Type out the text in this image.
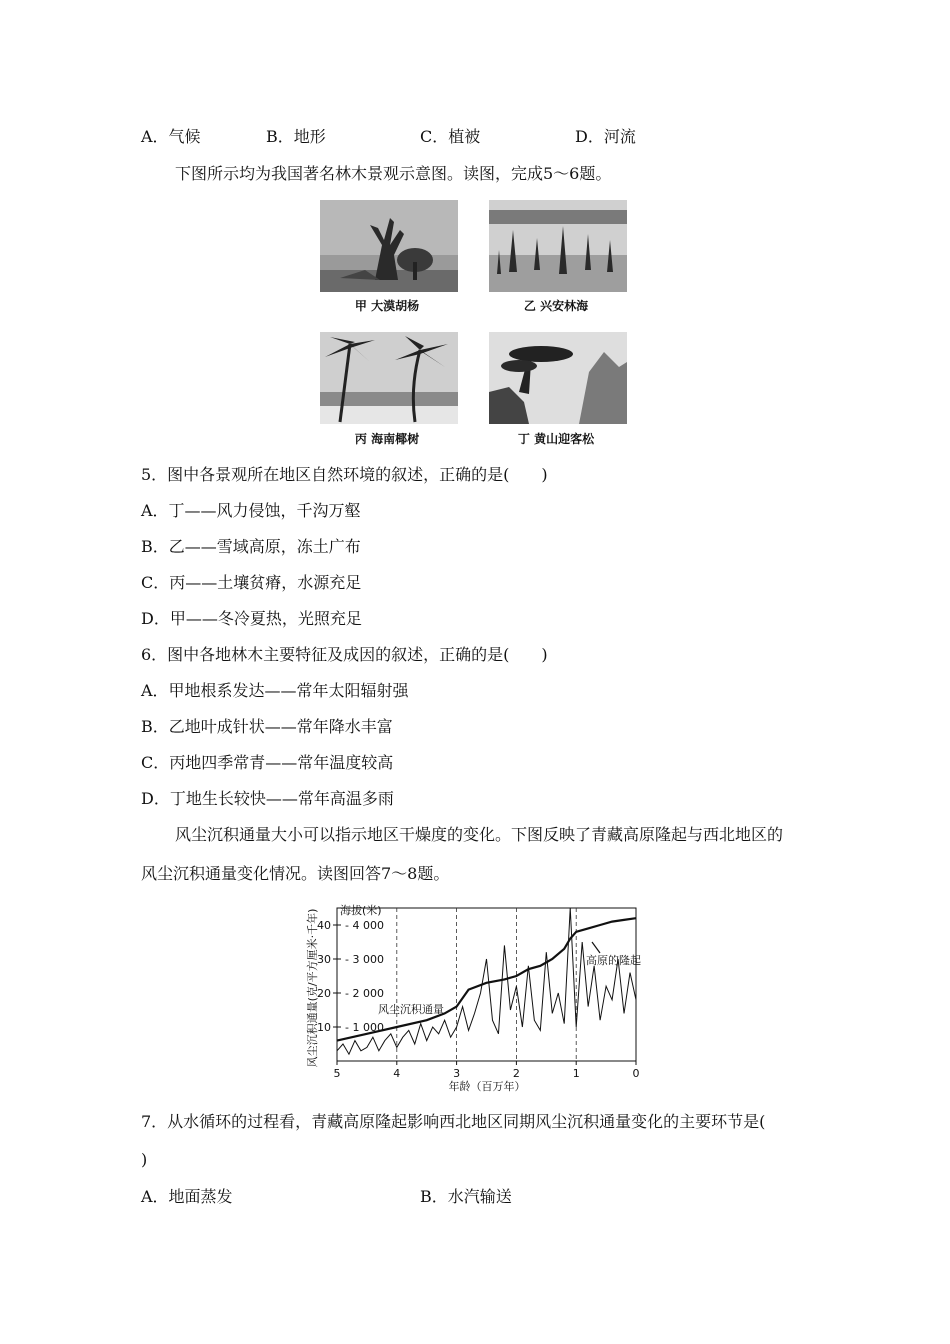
A．气候	B．地形	C．植被	D．河流
下图所示均为我国著名林木景观示意图。读图，完成5～6题。
甲 大漠胡杨	乙 兴安林海
丙 海南椰树	丁 黄山迎客松
5．图中各景观所在地区自然环境的叙述，正确的是(　　)
A．丁——风力侵蚀，千沟万壑
B．乙——雪域高原，冻土广布
C．丙——土壤贫瘠，水源充足
D．甲——冬冷夏热，光照充足
6．图中各地林木主要特征及成因的叙述，正确的是(　　)
A．甲地根系发达——常年太阳辐射强
B．乙地叶成针状——常年降水丰富
C．丙地四季常青——常年温度较高
D．丁地生长较快——常年高温多雨
风尘沉积通量大小可以指示地区干燥度的变化。下图反映了青藏高原隆起与西北地区的
风尘沉积通量变化情况。读图回答7～8题。
风尘沉积通量(克/平方厘米·千年) 海拔(米)
年龄（百万年）
5	4	3	2	1	0
10
20
30
40
- 1 000
- 2 000
- 3 000
- 4 000
风尘沉积通量
高原的隆起
7．从水循环的过程看，青藏高原隆起影响西北地区同期风尘沉积通量变化的主要环节是(
)
A．地面蒸发	B．水汽输送
